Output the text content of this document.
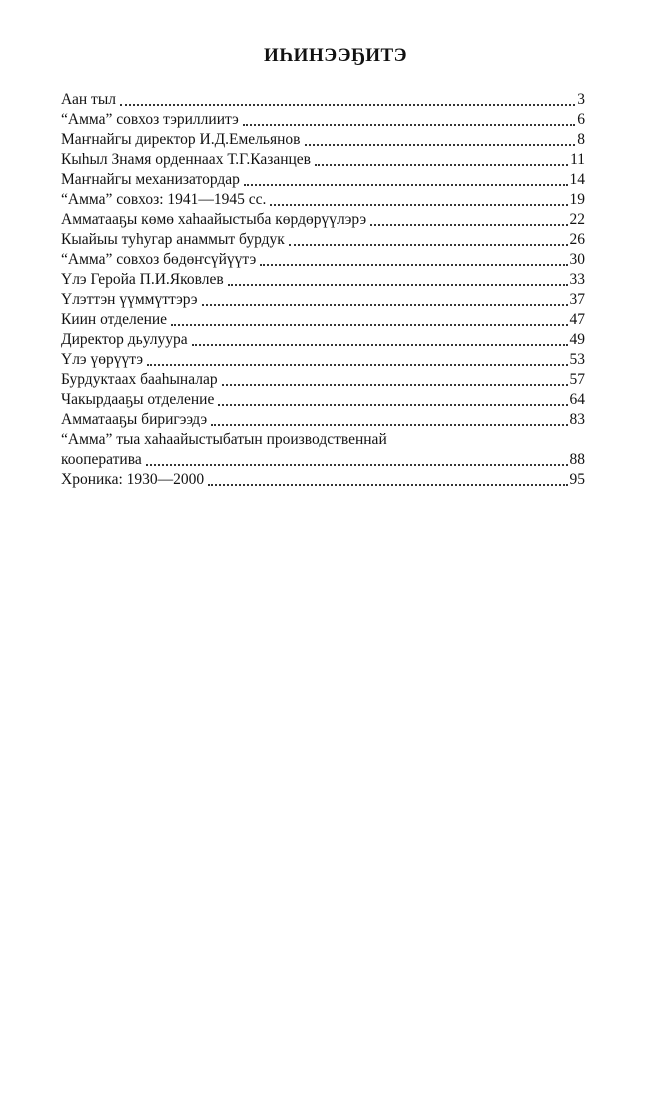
ИҺИНЭЭҔИТЭ
Аан тыл	3
“Амма” совхоз тэриллиитэ	6
Маҥнайгы директор И.Д.Емельянов	8
Кыһыл Знамя орденнаах Т.Г.Казанцев	11
Маҥнайгы механизатордар	14
“Амма” совхоз: 1941—1945 сс.	19
Амматааҕы көмө хаһаайыстыба көрдөрүүлэрэ	22
Кыайыы туһугар анаммыт бурдук	26
“Амма” совхоз бөдөҥсүйүүтэ	30
Үлэ Геройа П.И.Яковлев	33
Үлэттэн үүммүттэрэ	37
Киин отделение	47
Директор дьулуура	49
Үлэ үөрүүтэ	53
Бурдуктаах бааһыналар	57
Чакырдааҕы отделение	64
Амматааҕы биригээдэ	83
“Амма” тыа хаһаайыстыбатын производственнай
кооператива	88
Хроника: 1930—2000	95
